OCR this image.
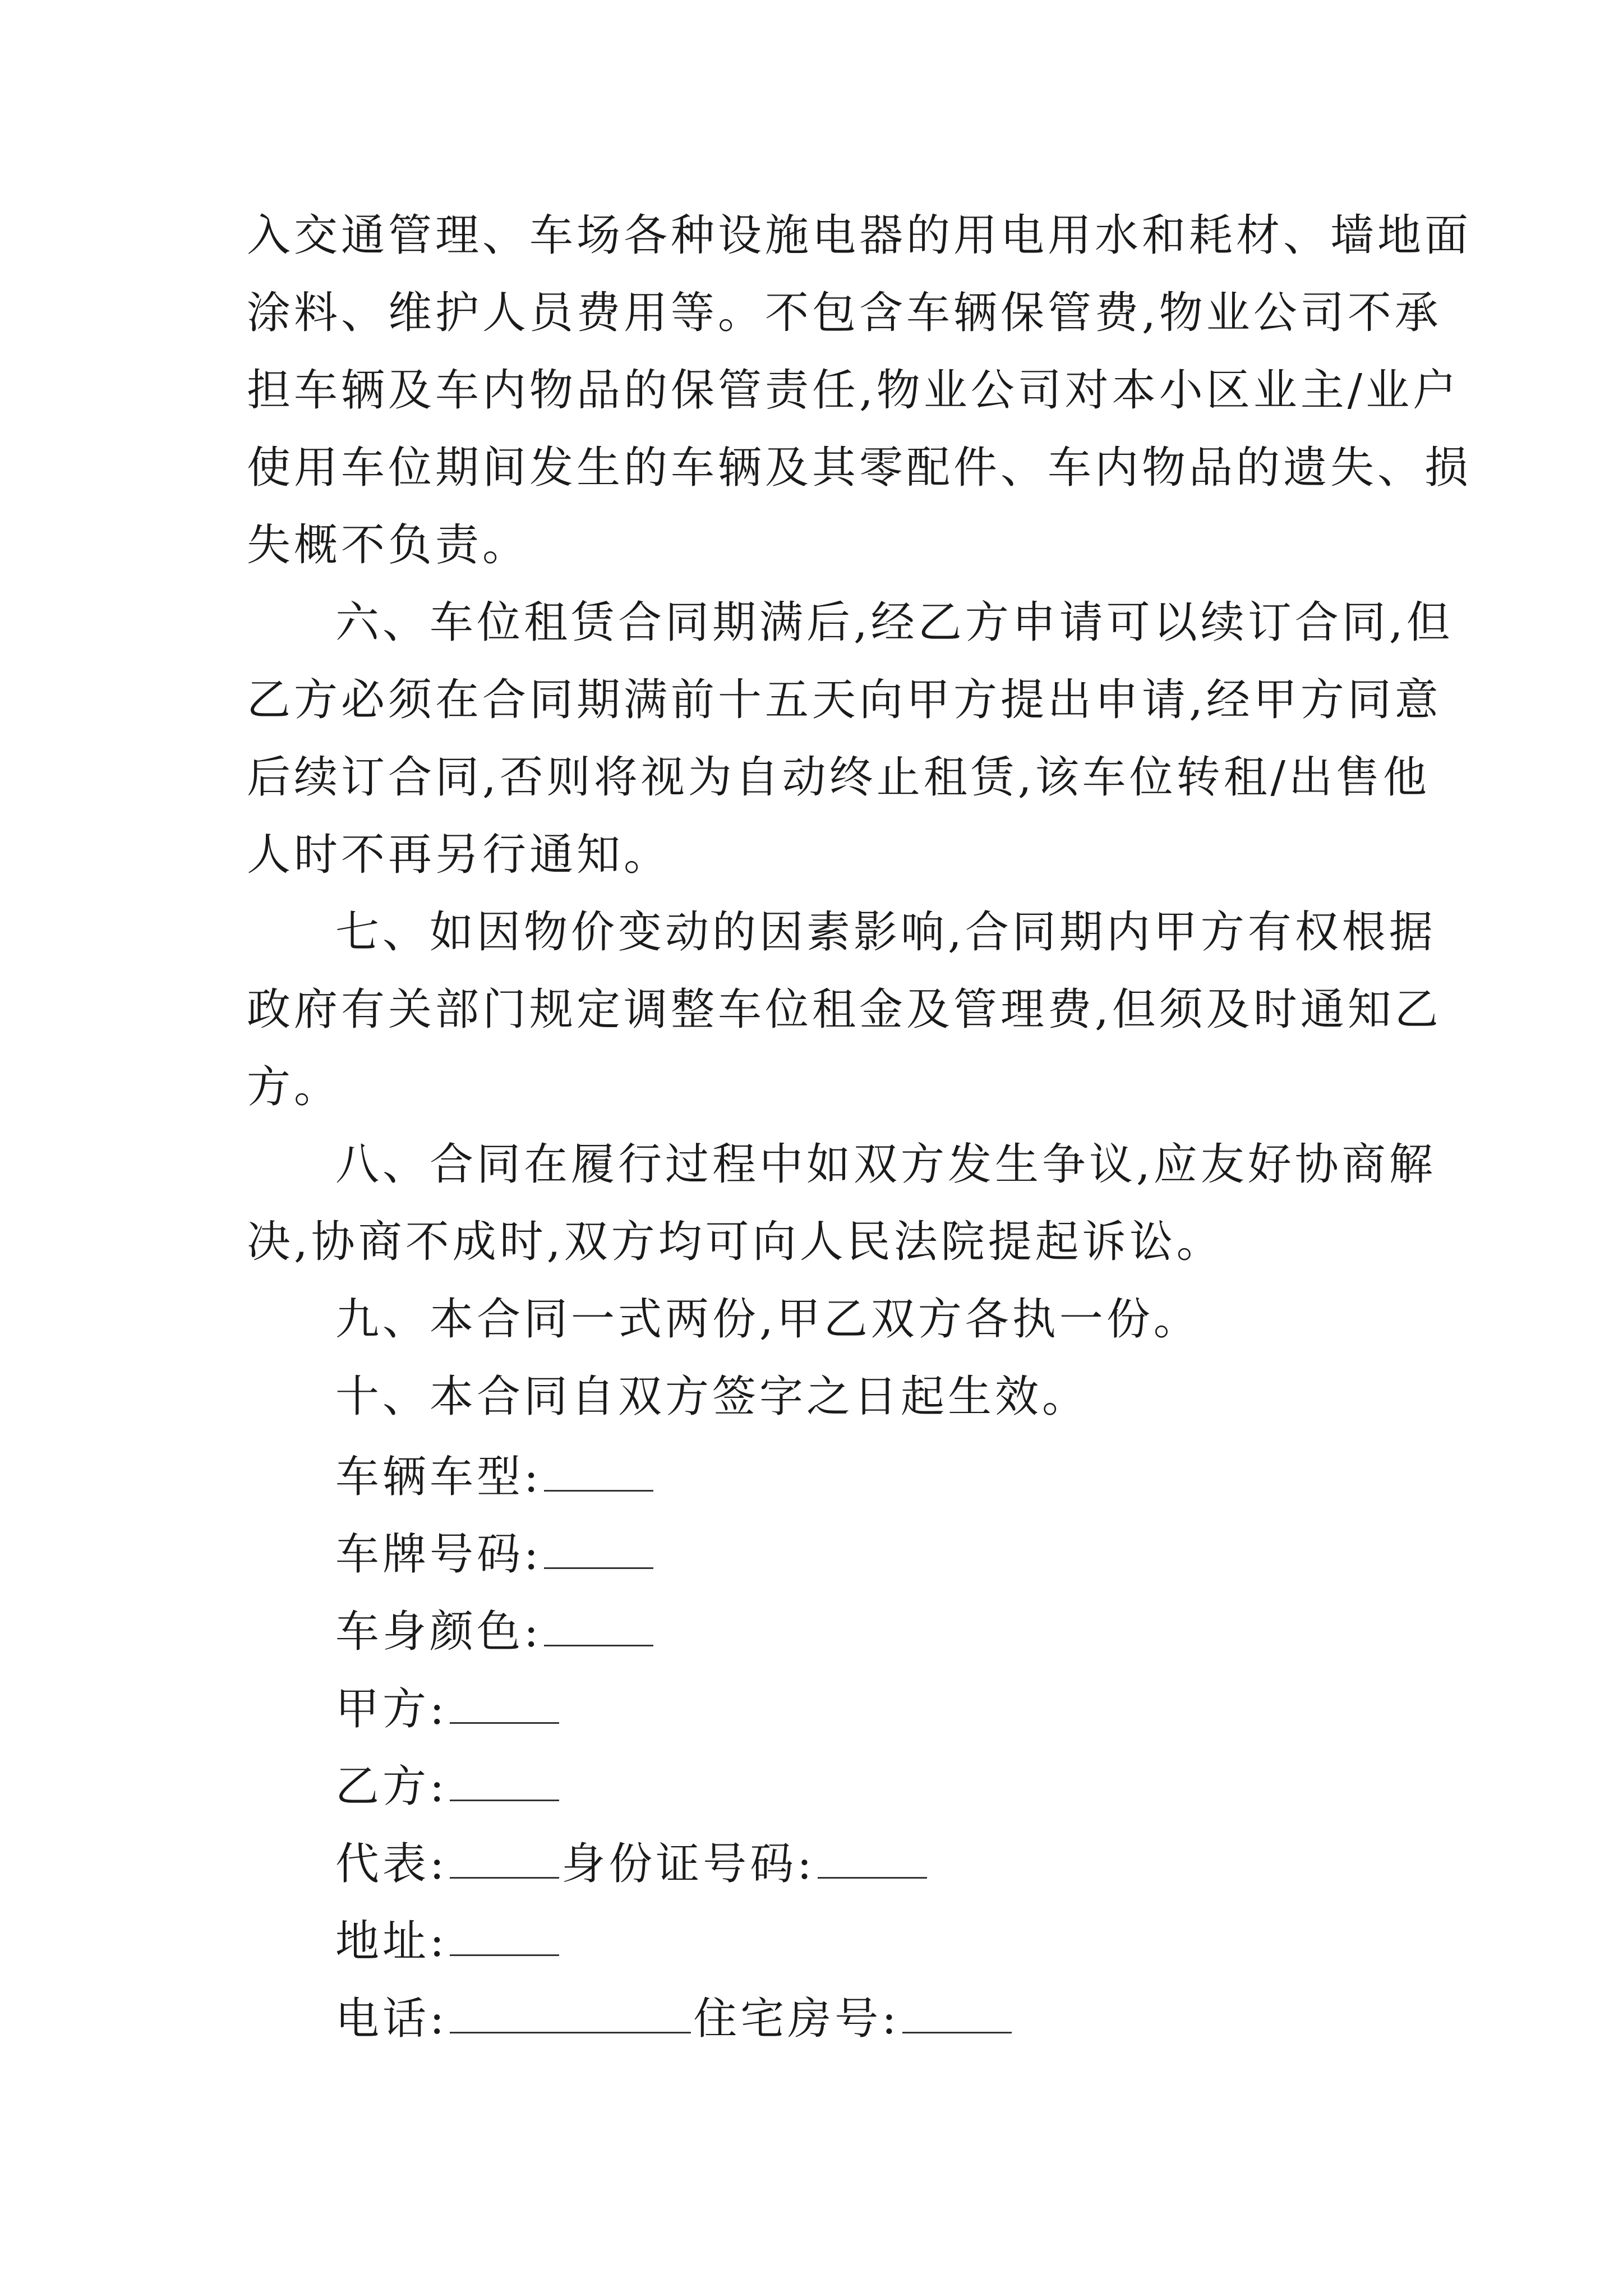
入交通管理、车场各种设施电器的用电用水和耗材、墙地面
涂料、维护人员费用等。不包含车辆保管费,物业公司不承
担车辆及车内物品的保管责任,物业公司对本小区业主/业户
使用车位期间发生的车辆及其零配件、车内物品的遗失、损
失概不负责。
六、车位租赁合同期满后,经乙方申请可以续订合同,但
乙方必须在合同期满前十五天向甲方提出申请,经甲方同意
后续订合同,否则将视为自动终止租赁,该车位转租/出售他
人时不再另行通知。
七、如因物价变动的因素影响,合同期内甲方有权根据
政府有关部门规定调整车位租金及管理费,但须及时通知乙
方。
八、合同在履行过程中如双方发生争议,应友好协商解
决,协商不成时,双方均可向人民法院提起诉讼。
九、本合同一式两份,甲乙双方各执一份。
十、本合同自双方签字之日起生效。
车辆车型:
车牌号码:
车身颜色:
甲方:
乙方:
代表:	身份证号码:
地址:
电话:	住宅房号:
